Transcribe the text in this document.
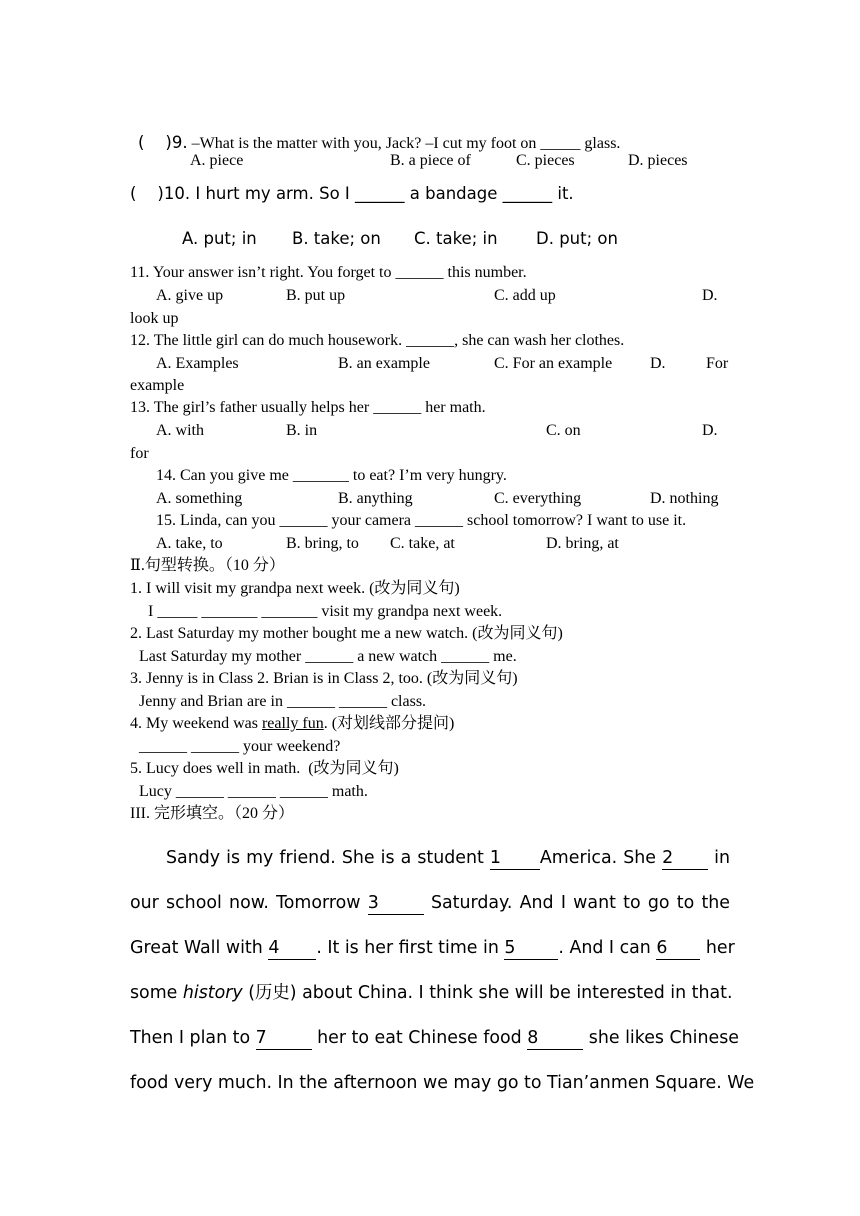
(    )9. –What is the matter with you, Jack? –I cut my foot on _____ glass.

A. piece	B. a piece of	C. pieces	D. pieces
(    )10. I hurt my arm. So I ______ a bandage ______ it.
A. put; in B. take; on C. take; in D. put; on
11. Your answer isn’t right. You forget to ______ this number.
A. give up	B. put up	C. add up	D.
look up
12. The little girl can do much housework. ______, she can wash her clothes.
A. Examples	B. an example	C. For an example D.	For
example
13. The girl’s father usually helps her ______ her math.
A. with	B. in	C. on	D.
for
14. Can you give me _______ to eat? I’m very hungry.
A. something	B. anything	C. everything	D. nothing
15. Linda, can you ______ your camera ______ school tomorrow? I want to use it.
A. take, to	B. bring, to C. take, at	D. bring, at
Ⅱ.句型转换。（10 分）
1. I will visit my grandpa next week. (改为同义句)
I _____ _______ _______ visit my grandpa next week.
2. Last Saturday my mother bought me a new watch. (改为同义句)
Last Saturday my mother ______ a new watch ______ me.
3. Jenny is in Class 2. Brian is in Class 2, too. (改为同义句)
Jenny and Brian are in ______ ______ class.
4. My weekend was really fun. (对划线部分提问)
______ ______ your weekend?
5. Lucy does well in math.  (改为同义句)
Lucy ______ ______ ______ math.
III. 完形填空。（20 分）
Sandy is my friend. She is a student 1 America. She 2 in
our school now. Tomorrow 3	Saturday. And I want to go to the
Great Wall with 4 . It is her first time in 5 . And I can 6 her
some history (历史) about China. I think she will be interested in that.
Then I plan to 7	her to eat Chinese food 8	she likes Chinese
food very much. In the afternoon we may go to Tian’anmen Square. We
